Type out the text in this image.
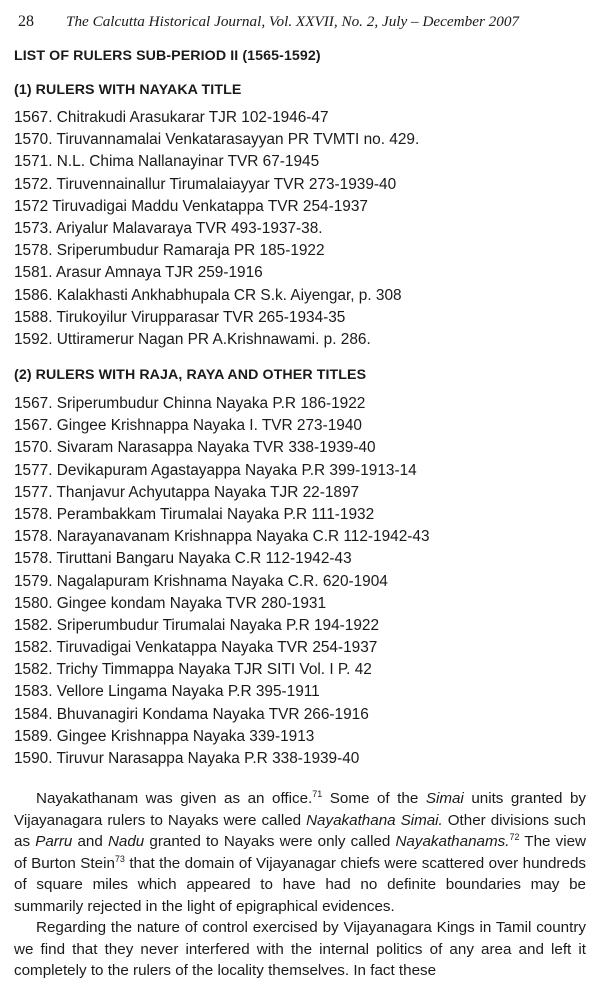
28 The Calcutta Historical Journal, Vol. XXVII, No. 2, July – December 2007
LIST OF RULERS SUB-PERIOD II (1565-1592)
(1) RULERS WITH NAYAKA TITLE
1567. Chitrakudi Arasukarar TJR 102-1946-47
1570. Tiruvannamalai Venkatarasayyan PR TVMTI no. 429.
1571. N.L. Chima Nallanayinar TVR 67-1945
1572. Tiruvennainallur Tirumalaiayyar TVR 273-1939-40
1572 Tiruvadigai Maddu Venkatappa TVR 254-1937
1573. Ariyalur Malavaraya TVR 493-1937-38.
1578. Sriperumbudur Ramaraja PR 185-1922
1581. Arasur Amnaya TJR 259-1916
1586. Kalakhasti Ankhabhupala CR S.k. Aiyengar, p. 308
1588. Tirukoyilur Virupparasar TVR 265-1934-35
1592. Uttiramerur Nagan PR A.Krishnawami. p. 286.
(2) RULERS WITH RAJA, RAYA AND OTHER TITLES
1567. Sriperumbudur Chinna Nayaka P.R 186-1922
1567. Gingee Krishnappa Nayaka I. TVR 273-1940
1570. Sivaram Narasappa Nayaka TVR 338-1939-40
1577. Devikapuram Agastayappa Nayaka P.R 399-1913-14
1577. Thanjavur Achyutappa Nayaka TJR 22-1897
1578. Perambakkam Tirumalai Nayaka P.R 111-1932
1578. Narayanavanam Krishnappa Nayaka C.R 112-1942-43
1578. Tiruttani Bangaru Nayaka C.R 112-1942-43
1579. Nagalapuram Krishnama Nayaka C.R. 620-1904
1580. Gingee kondam Nayaka TVR 280-1931
1582. Sriperumbudur Tirumalai Nayaka P.R 194-1922
1582. Tiruvadigai Venkatappa Nayaka TVR 254-1937
1582. Trichy Timmappa Nayaka TJR SITI Vol. I P. 42
1583. Vellore Lingama Nayaka P.R 395-1911
1584. Bhuvanagiri Kondama Nayaka TVR 266-1916
1589. Gingee Krishnappa Nayaka 339-1913
1590. Tiruvur Narasappa Nayaka P.R 338-1939-40

Nayakathanam was given as an office.$^{71}$ Some of the Simai units granted by Vijayanagara rulers to Nayaks were called Nayakathana Simai. Other divisions such as Parru and Nadu granted to Nayaks were only called Nayakathanams.$^{72}$ The view of Burton Stein$^{73}$ that the domain of Vijayanagar chiefs were scattered over hundreds of square miles which appeared to have had no definite boundaries may be summarily rejected in the light of epigraphical evidences.

Regarding the nature of control exercised by Vijayanagara Kings in Tamil country we find that they never interfered with the internal politics of any area and left it completely to the rulers of the locality themselves. In fact these
